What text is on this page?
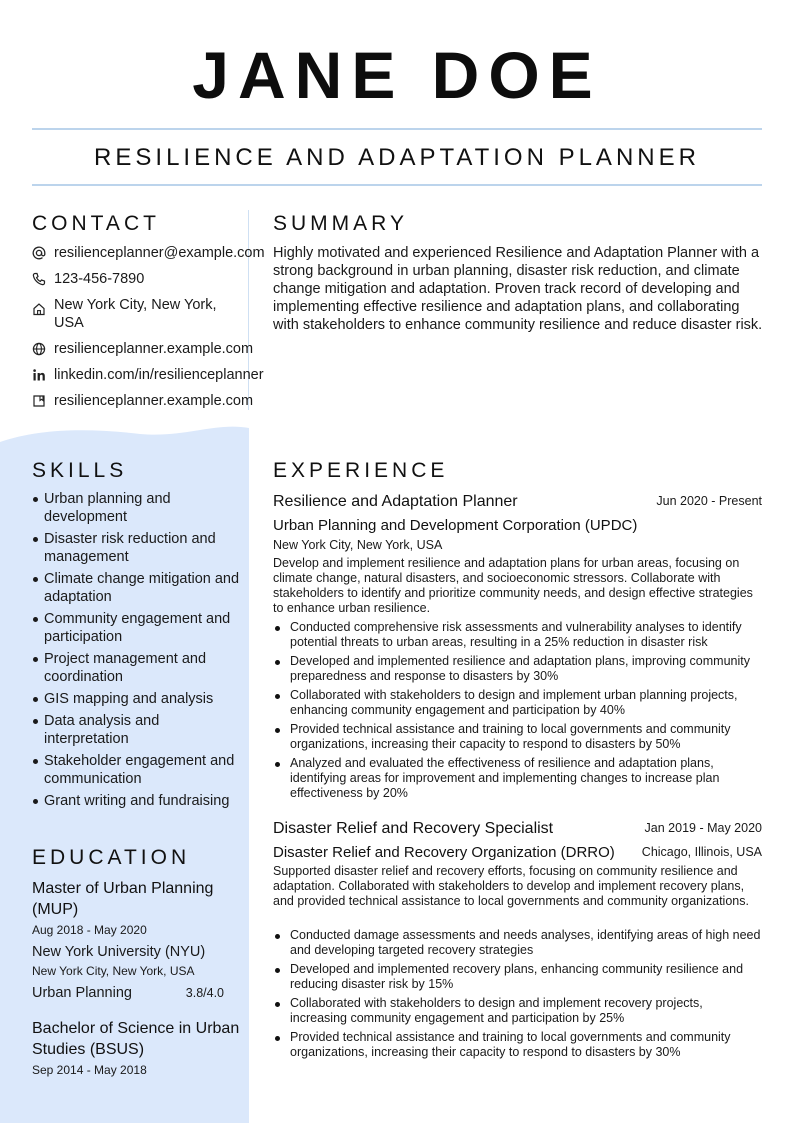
JANE DOE
RESILIENCE AND ADAPTATION PLANNER
CONTACT
resilienceplanner@example.com
123-456-7890
New York City, New York, USA
resilienceplanner.example.com
linkedin.com/in/resilienceplanner
resilienceplanner.example.com
SUMMARY

Highly motivated and experienced Resilience and Adaptation Planner with a strong background in urban planning, disaster risk reduction, and climate change mitigation and adaptation. Proven track record of developing and implementing effective resilience and adaptation plans, and collaborating with stakeholders to enhance community resilience and reduce disaster risk.

SKILLS
Urban planning and development
Disaster risk reduction and management
Climate change mitigation and adaptation
Community engagement and participation
Project management and coordination
GIS mapping and analysis
Data analysis and interpretation
Stakeholder engagement and communication
Grant writing and fundraising
EDUCATION
Master of Urban Planning (MUP)
Aug 2018 - May 2020
New York University (NYU)
New York City, New York, USA
Urban Planning	3.8/4.0
Bachelor of Science in Urban Studies (BSUS)
Sep 2014 - May 2018
EXPERIENCE
Resilience and Adaptation Planner	Jun 2020 - Present
Urban Planning and Development Corporation (UPDC)
New York City, New York, USA

Develop and implement resilience and adaptation plans for urban areas, focusing on climate change, natural disasters, and socioeconomic stressors. Collaborate with stakeholders to identify and prioritize community needs, and design effective strategies to enhance urban resilience.

Conducted comprehensive risk assessments and vulnerability analyses to identify potential threats to urban areas, resulting in a 25% reduction in disaster risk
Developed and implemented resilience and adaptation plans, improving community preparedness and response to disasters by 30%
Collaborated with stakeholders to design and implement urban planning projects, enhancing community engagement and participation by 40%
Provided technical assistance and training to local governments and community organizations, increasing their capacity to respond to disasters by 50%
Analyzed and evaluated the effectiveness of resilience and adaptation plans, identifying areas for improvement and implementing changes to increase plan effectiveness by 20%
Disaster Relief and Recovery Specialist	Jan 2019 - May 2020
Disaster Relief and Recovery Organization (DRRO) Chicago, Illinois, USA

Supported disaster relief and recovery efforts, focusing on community resilience and adaptation. Collaborated with stakeholders to develop and implement recovery plans, and provided technical assistance to local governments and community organizations.

Conducted damage assessments and needs analyses, identifying areas of high need and developing targeted recovery strategies
Developed and implemented recovery plans, enhancing community resilience and reducing disaster risk by 15%
Collaborated with stakeholders to design and implement recovery projects, increasing community engagement and participation by 25%
Provided technical assistance and training to local governments and community organizations, increasing their capacity to respond to disasters by 30%
